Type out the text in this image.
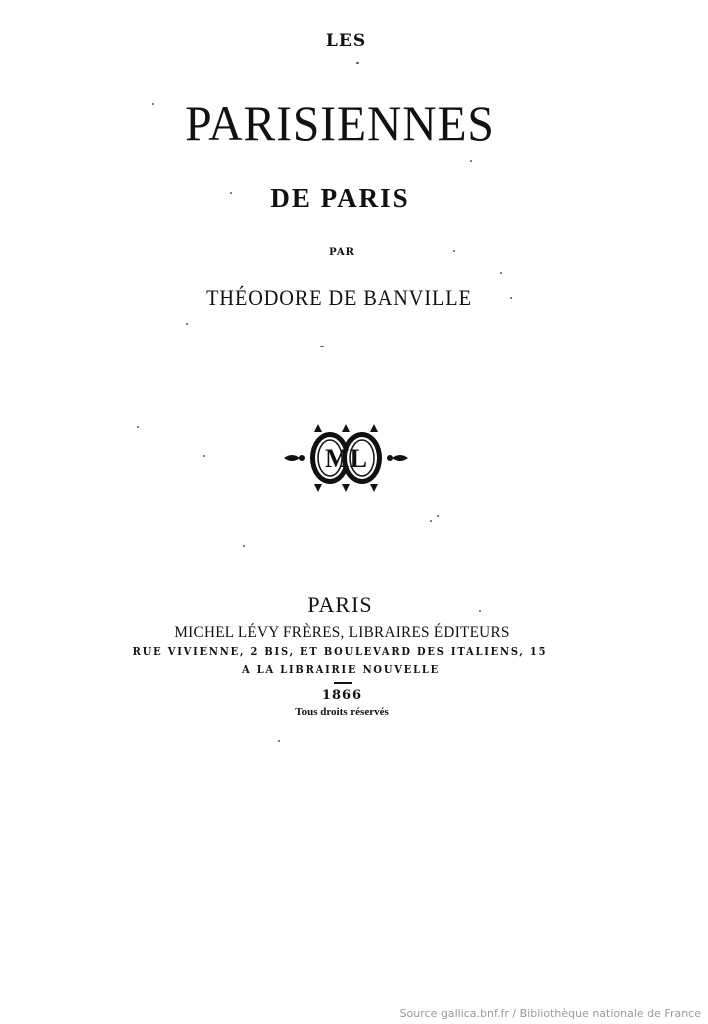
LES
PARISIENNES
DE PARIS
PAR
THÉODORE DE BANVILLE
ML
PARIS
MICHEL LÉVY FRÈRES, LIBRAIRES ÉDITEURS
RUE VIVIENNE, 2 BIS, ET BOULEVARD DES ITALIENS, 15
A LA LIBRAIRIE NOUVELLE
1866
Tous droits réservés
Source gallica.bnf.fr / Bibliothèque nationale de France
